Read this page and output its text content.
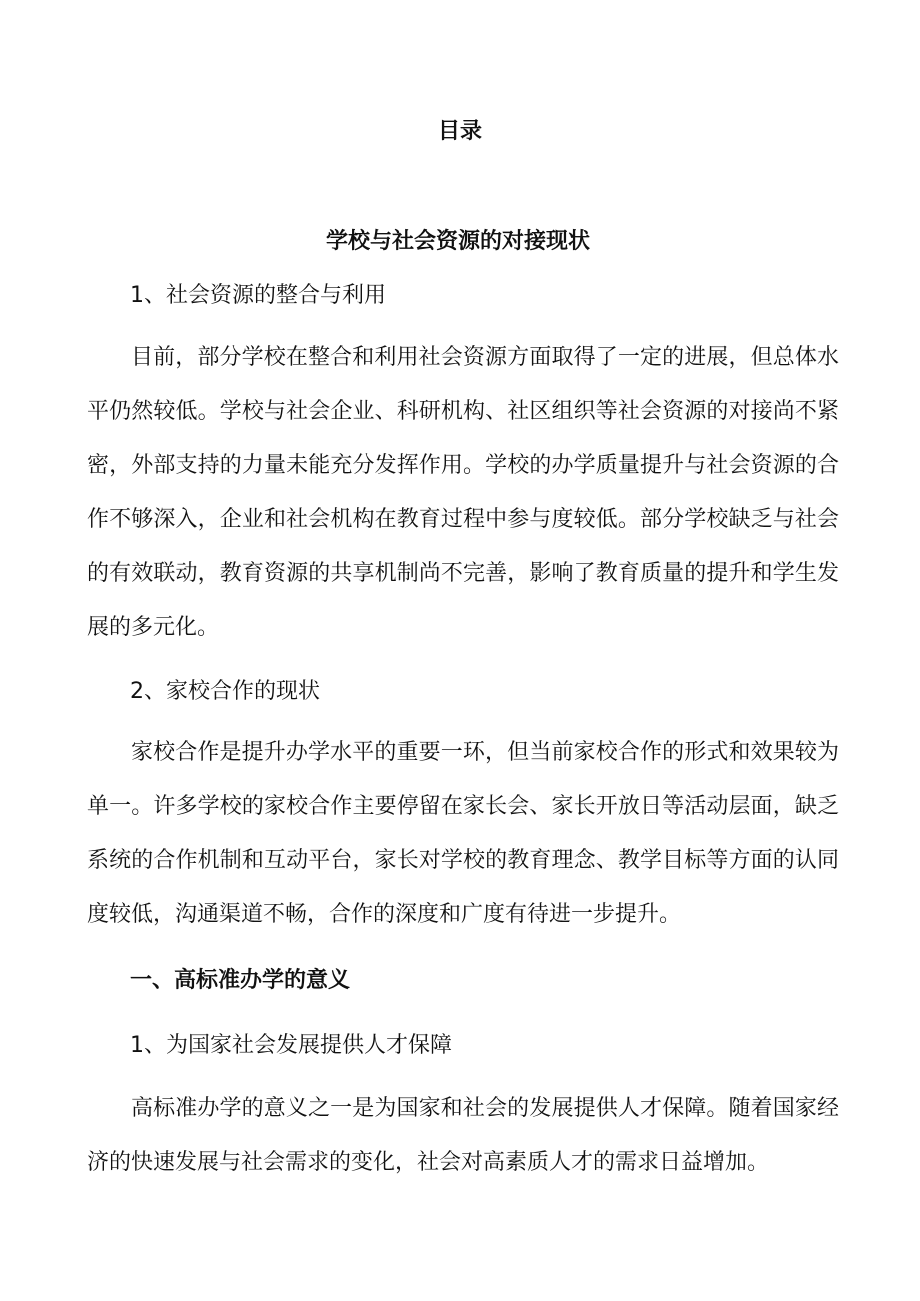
目录
学校与社会资源的对接现状
1、社会资源的整合与利用
目前，部分学校在整合和利用社会资源方面取得了一定的进展，但总体水平仍然较低。学校与社会企业、科研机构、社区组织等社会资源的对接尚不紧密，外部支持的力量未能充分发挥作用。学校的办学质量提升与社会资源的合作不够深入，企业和社会机构在教育过程中参与度较低。部分学校缺乏与社会的有效联动，教育资源的共享机制尚不完善，影响了教育质量的提升和学生发展的多元化。
2、家校合作的现状
家校合作是提升办学水平的重要一环，但当前家校合作的形式和效果较为单一。许多学校的家校合作主要停留在家长会、家长开放日等活动层面，缺乏系统的合作机制和互动平台，家长对学校的教育理念、教学目标等方面的认同度较低，沟通渠道不畅，合作的深度和广度有待进一步提升。
一、高标准办学的意义
1、为国家社会发展提供人才保障
高标准办学的意义之一是为国家和社会的发展提供人才保障。随着国家经济的快速发展与社会需求的变化，社会对高素质人才的需求日益增加。
